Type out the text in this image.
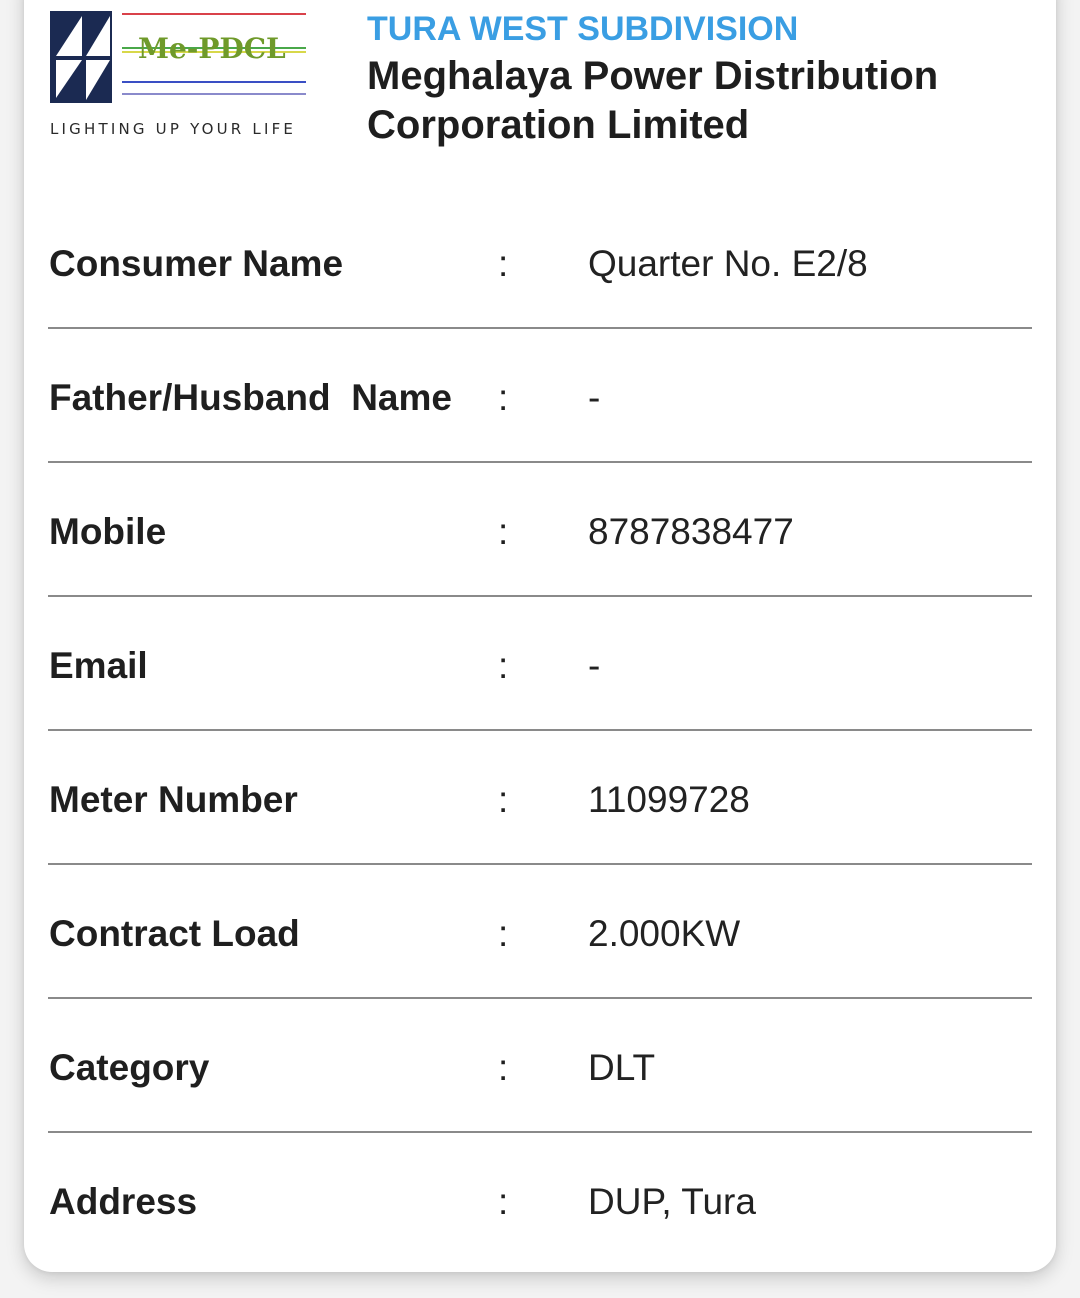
Me-PDCL
LIGHTING UP YOUR LIFE
TURA WEST SUBDIVISION
Meghalaya Power Distribution Corporation Limited
Consumer Name	: Quarter No. E2/8
Father/Husband  Name : -
Mobile	: 8787838477
Email	: -
Meter Number	: 11099728
Contract Load	: 2.000KW
Category	: DLT
Address	: DUP, Tura
